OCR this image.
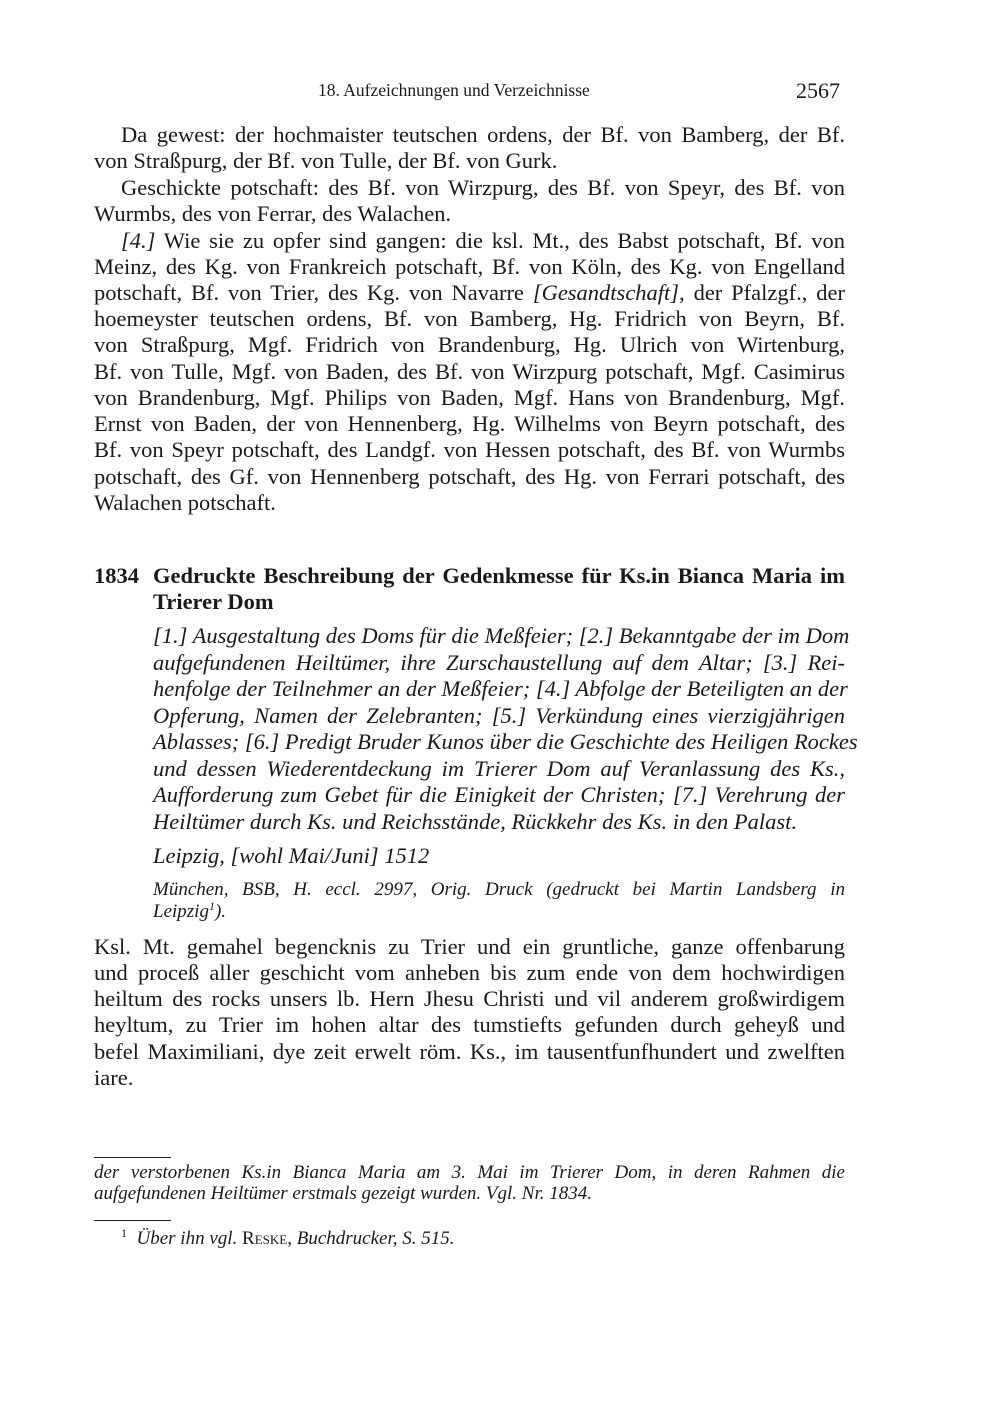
18. Aufzeichnungen und Verzeichnisse	2567
Da gewest: der hochmaister teutschen ordens, der Bf. von Bamberg, der Bf.
von Straßpurg, der Bf. von Tulle, der Bf. von Gurk.
Geschickte potschaft: des Bf. von Wirzpurg, des Bf. von Speyr, des Bf. von
Wurmbs, des von Ferrar, des Walachen.
[4.] Wie sie zu opfer sind gangen: die ksl. Mt., des Babst potschaft, Bf. von
Meinz, des Kg. von Frankreich potschaft, Bf. von Köln, des Kg. von Engelland
potschaft, Bf. von Trier, des Kg. von Navarre [Gesandtschaft], der Pfalzgf., der
hoemeyster teutschen ordens, Bf. von Bamberg, Hg. Fridrich von Beyrn, Bf.
von Straßpurg, Mgf. Fridrich von Brandenburg, Hg. Ulrich von Wirtenburg,
Bf. von Tulle, Mgf. von Baden, des Bf. von Wirzpurg potschaft, Mgf. Casimirus
von Brandenburg, Mgf. Philips von Baden, Mgf. Hans von Brandenburg, Mgf.
Ernst von Baden, der von Hennenberg, Hg. Wilhelms von Beyrn potschaft, des
Bf. von Speyr potschaft, des Landgf. von Hessen potschaft, des Bf. von Wurmbs
potschaft, des Gf. von Hennenberg potschaft, des Hg. von Ferrari potschaft, des
Walachen potschaft.
1834 Gedruckte Beschreibung der Gedenkmesse für Ks.in Bianca Maria im
Trierer Dom
[1.] Ausgestaltung des Doms für die Meßfeier; [2.] Bekanntgabe der im Dom
aufgefundenen Heiltümer, ihre Zurschaustellung auf dem Altar; [3.] Rei-
henfolge der Teilnehmer an der Meßfeier; [4.] Abfolge der Beteiligten an der
Opferung, Namen der Zelebranten; [5.] Verkündung eines vierzigjährigen
Ablasses; [6.] Predigt Bruder Kunos über die Geschichte des Heiligen Rockes
und dessen Wiederentdeckung im Trierer Dom auf Veranlassung des Ks.,
Aufforderung zum Gebet für die Einigkeit der Christen; [7.] Verehrung der
Heiltümer durch Ks. und Reichsstände, Rückkehr des Ks. in den Palast.
Leipzig, [wohl Mai/Juni] 1512
München, BSB, H. eccl. 2997, Orig. Druck (gedruckt bei Martin Landsberg in
Leipzig$^1$).
Ksl. Mt. gemahel begencknis zu Trier und ein gruntliche, ganze offenbarung
und proceß aller geschicht vom anheben bis zum ende von dem hochwirdigen
heiltum des rocks unsers lb. Hern Jhesu Christi und vil anderem großwirdigem
heyltum, zu Trier im hohen altar des tumstiefts gefunden durch geheyß und
befel Maximiliani, dye zeit erwelt röm. Ks., im tausentfunfhundert und zwelften
iare.
der verstorbenen Ks.in Bianca Maria am 3. Mai im Trierer Dom, in deren Rahmen die
aufgefundenen Heiltümer erstmals gezeigt wurden. Vgl. Nr. 1834.
$^1$ Über ihn vgl. Reske, Buchdrucker, S. 515.
